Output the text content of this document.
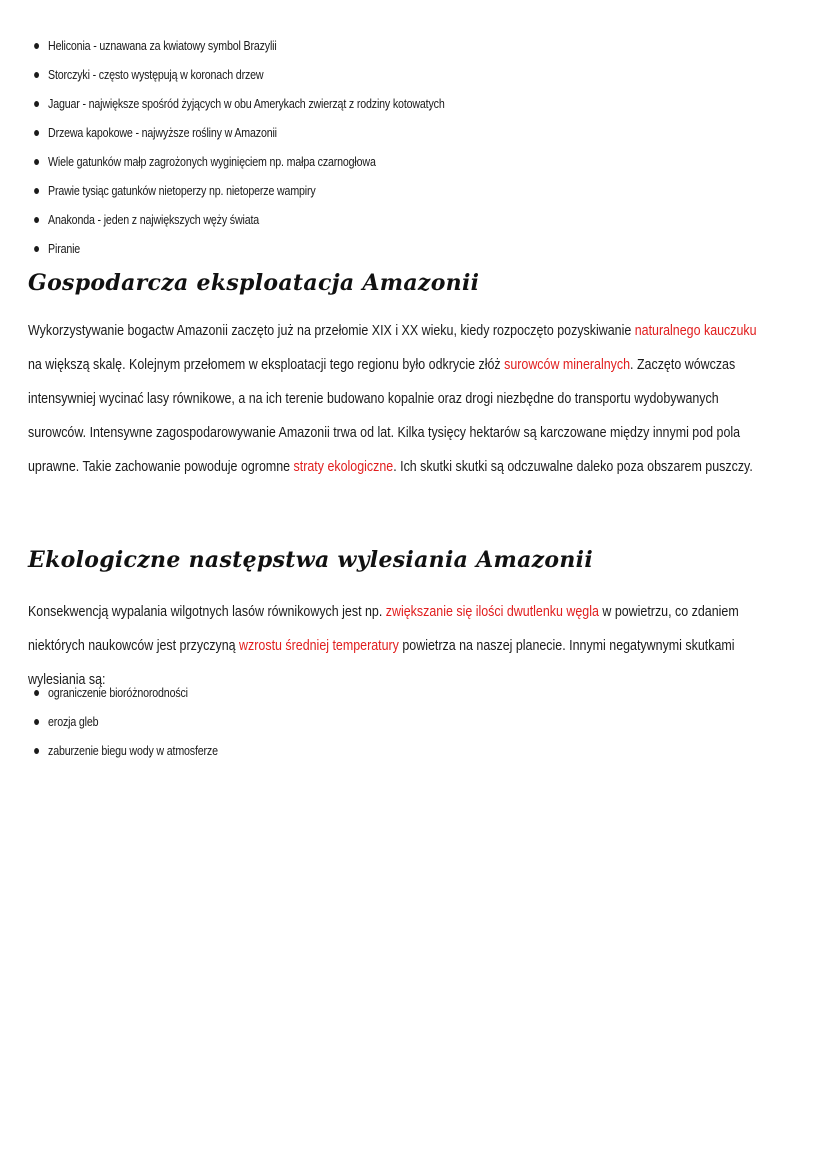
Heliconia - uznawana za kwiatowy symbol Brazylii
Storczyki - często występują w koronach drzew
Jaguar - największe spośród żyjących w obu Amerykach zwierząt z rodziny kotowatych
Drzewa kapokowe - najwyższe rośliny w Amazonii
Wiele gatunków małp zagrożonych wyginięciem np. małpa czarnogłowa
Prawie tysiąc gatunków nietoperzy np. nietoperze wampiry
Anakonda - jeden z największych węży świata
Piranie
Gospodarcza eksploatacja Amazonii

Wykorzystywanie bogactw Amazonii zaczęto już na przełomie XIX i XX wieku, kiedy rozpoczęto pozyskiwanie naturalnego kauczuku na większą skalę. Kolejnym przełomem w eksploatacji tego regionu było odkrycie złóż surowców mineralnych. Zaczęto wówczas intensywniej wycinać lasy równikowe, a na ich terenie budowano kopalnie oraz drogi niezbędne do transportu wydobywanych surowców. Intensywne zagospodarowywanie Amazonii trwa od lat. Kilka tysięcy hektarów są karczowane między innymi pod pola uprawne. Takie zachowanie powoduje ogromne straty ekologiczne. Ich skutki skutki są odczuwalne daleko poza obszarem puszczy.

Ekologiczne następstwa wylesiania Amazonii

Konsekwencją wypalania wilgotnych lasów równikowych jest np. zwiększanie się ilości dwutlenku węgla w powietrzu, co zdaniem niektórych naukowców jest przyczyną wzrostu średniej temperatury powietrza na naszej planecie. Innymi negatywnymi skutkami wylesiania są:

ograniczenie bioróżnorodności
erozja gleb
zaburzenie biegu wody w atmosferze
